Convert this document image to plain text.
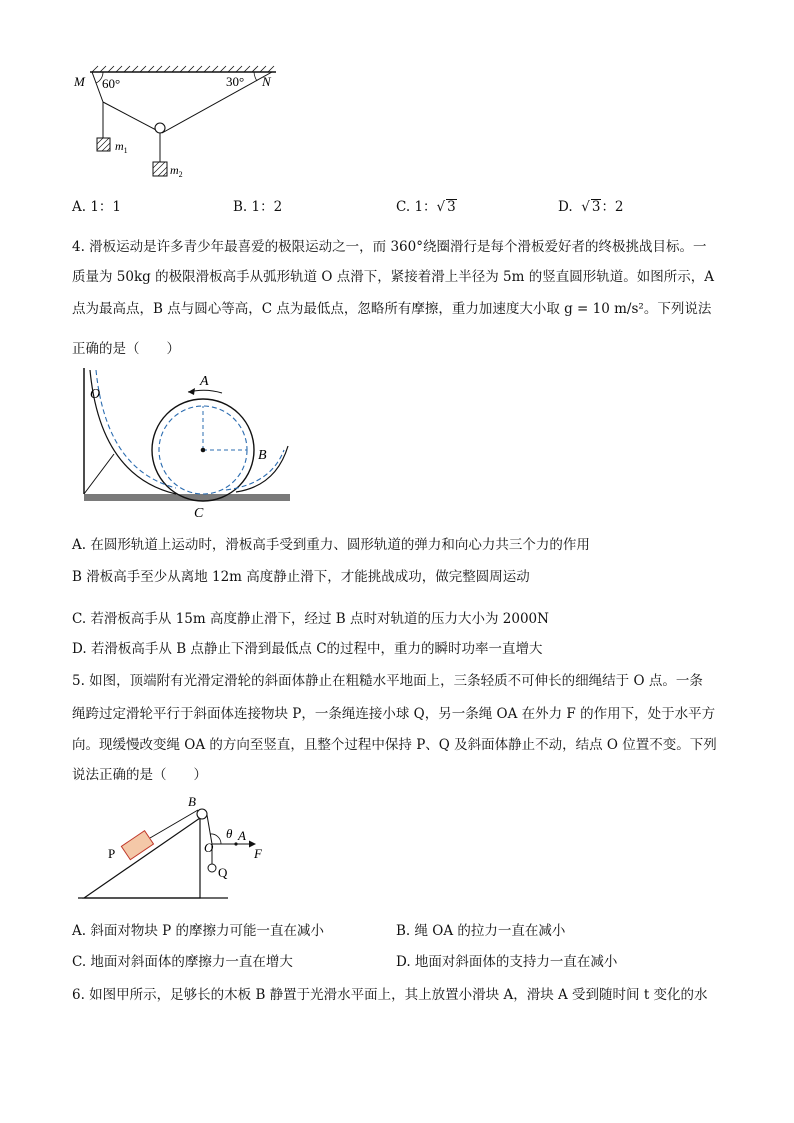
M 60°	30° N
$m_1$
$m_2$
A. 1：1	B. 1：2	C. 1：√ 3	D. √ 3：2
4. 滑板运动是许多青少年最喜爱的极限运动之一，而 360°绕圈滑行是每个滑板爱好者的终极挑战目标。一
质量为 50kg 的极限滑板高手从弧形轨道 O 点滑下，紧接着滑上半径为 5m 的竖直圆形轨道。如图所示，A
点为最高点，B 点与圆心等高，C 点为最低点，忽略所有摩擦，重力加速度大小取 g = 10 m/s²。下列说法
正确的是（　　）
O
A
B
C
A. 在圆形轨道上运动时，滑板高手受到重力、圆形轨道的弹力和向心力共三个力的作用
B 滑板高手至少从离地 12m 高度静止滑下，才能挑战成功，做完整圆周运动
C. 若滑板高手从 15m 高度静止滑下，经过 B 点时对轨道的压力大小为 2000N
D. 若滑板高手从 B 点静止下滑到最低点 C的过程中，重力的瞬时功率一直增大
5. 如图，顶端附有光滑定滑轮的斜面体静止在粗糙水平地面上，三条轻质不可伸长的细绳结于 O 点。一条
绳跨过定滑轮平行于斜面体连接物块 P，一条绳连接小球 Q，另一条绳 OA 在外力 F 的作用下，处于水平方
向。现缓慢改变绳 OA 的方向至竖直，且整个过程中保持 P、Q 及斜面体静止不动，结点 O 位置不变。下列
说法正确的是（　　）
B
P	O
θ A
F
Q
A. 斜面对物块 P 的摩擦力可能一直在减小	B. 绳 OA 的拉力一直在减小
C. 地面对斜面体的摩擦力一直在增大	D. 地面对斜面体的支持力一直在减小
6. 如图甲所示，足够长的木板 B 静置于光滑水平面上，其上放置小滑块 A，滑块 A 受到随时间 t 变化的水
